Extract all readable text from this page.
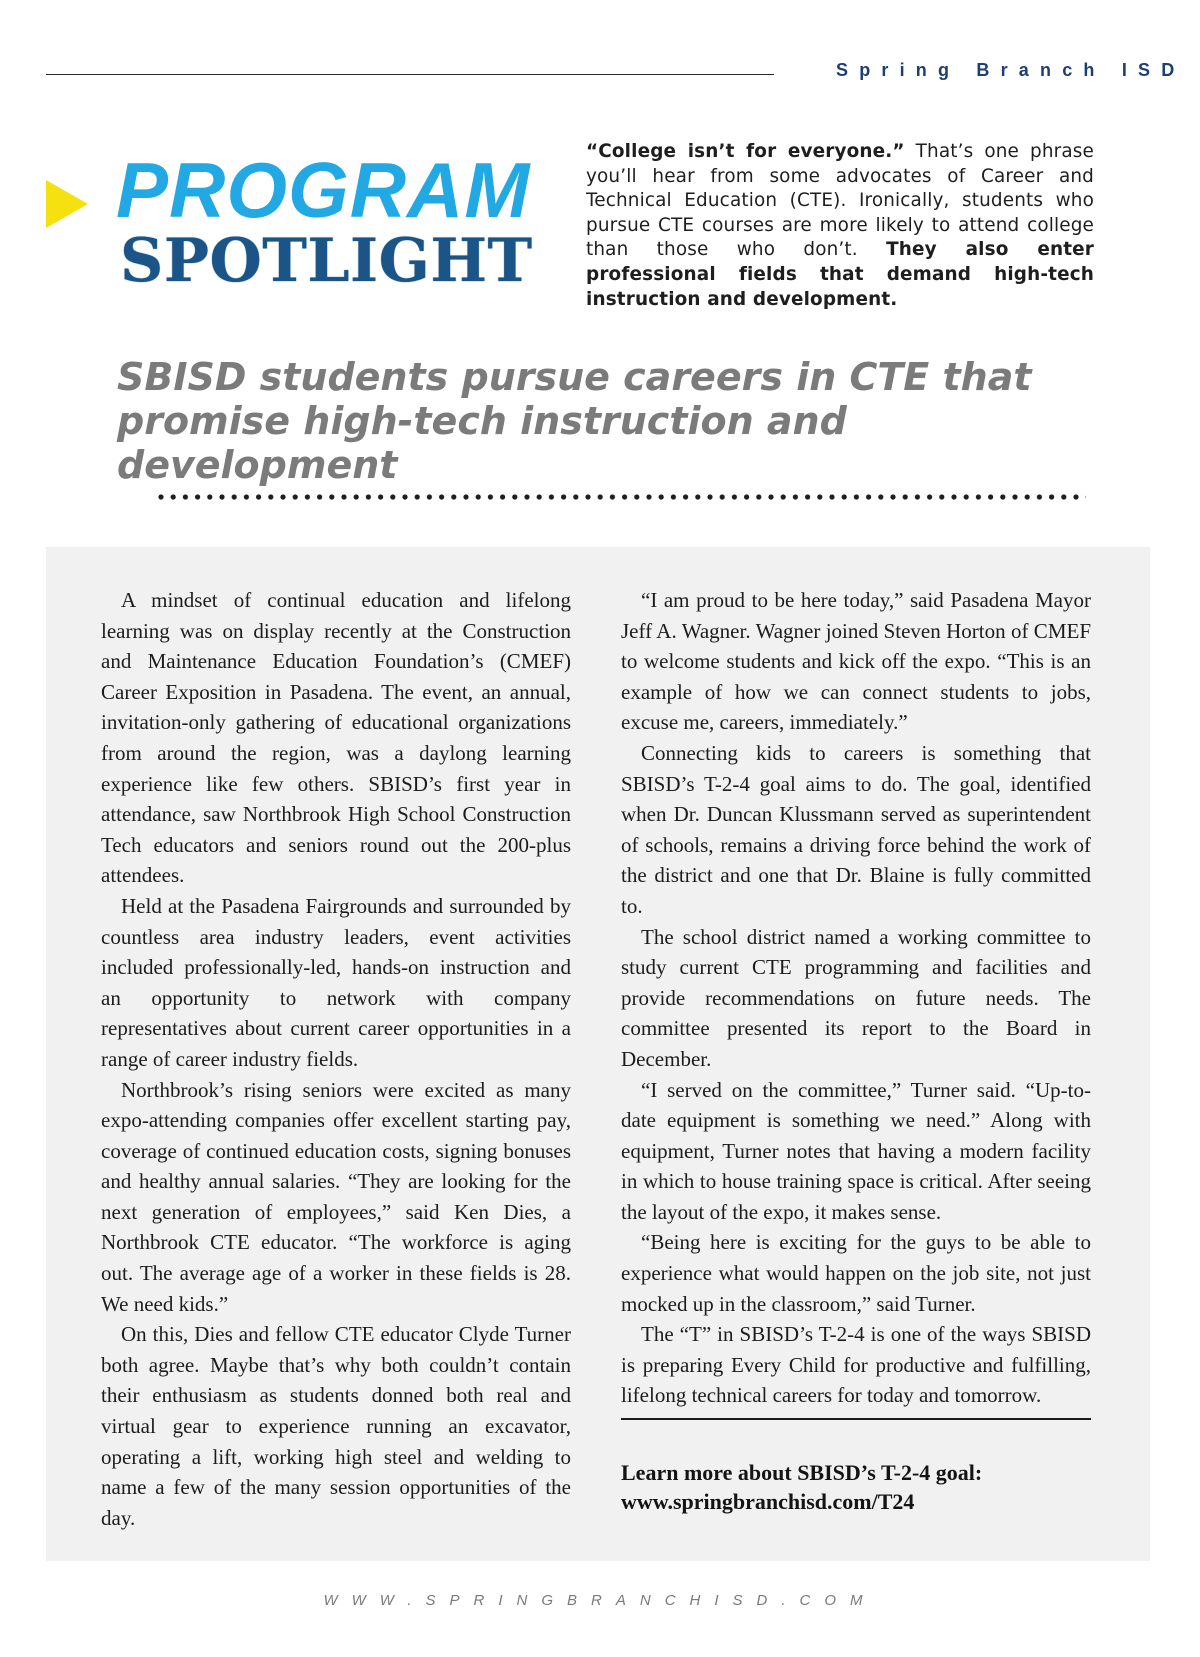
Spring Branch ISD
PROGRAM
SPOTLIGHT
“College isn’t for everyone.” That’s one phrase you’ll hear from some advocates of Career and Technical Education (CTE). Ironically, students who pursue CTE courses are more likely to attend college than those who don’t. They also enter professional fields that demand high-tech instruction and development.
SBISD students pursue careers in CTE that
promise high-tech instruction and development

A mindset of continual education and lifelong learning was on display recently at the Construction and Maintenance Education Foundation’s (CMEF) Career Exposition in Pasadena. The event, an annual, invitation-only gathering of educational organizations from around the region, was a daylong learning experience like few others. SBISD’s first year in attendance, saw Northbrook High School Construction Tech educators and seniors round out the 200-plus attendees.

Held at the Pasadena Fairgrounds and surrounded by countless area industry leaders, event activities included professionally-led, hands-on instruction and an opportunity to network with company representatives about current career opportunities in a range of career industry fields.

Northbrook’s rising seniors were excited as many expo-attending companies offer excellent starting pay, coverage of continued education costs, signing bonuses and healthy annual salaries. “They are looking for the next generation of employees,” said Ken Dies, a Northbrook CTE educator. “The workforce is aging out. The average age of a worker in these fields is 28. We need kids.”

On this, Dies and fellow CTE educator Clyde Turner both agree. Maybe that’s why both couldn’t contain their enthusiasm as students donned both real and virtual gear to experience running an excavator, operating a lift, working high steel and welding to name a few of the many session opportunities of the day.

“I am proud to be here today,” said Pasadena Mayor Jeff A. Wagner. Wagner joined Steven Horton of CMEF to welcome students and kick off the expo. “This is an example of how we can connect students to jobs, excuse me, careers, immediately.”

Connecting kids to careers is something that SBISD’s T-2-4 goal aims to do. The goal, identified when Dr. Duncan Klussmann served as superintendent of schools, remains a driving force behind the work of the district and one that Dr. Blaine is fully committed to.

The school district named a working committee to study current CTE programming and facilities and provide recommendations on future needs. The committee presented its report to the Board in December.

“I served on the committee,” Turner said. “Up-to-date equipment is something we need.” Along with equipment, Turner notes that having a modern facility in which to house training space is critical. After seeing the layout of the expo, it makes sense.

“Being here is exciting for the guys to be able to experience what would happen on the job site, not just mocked up in the classroom,” said Turner.

The “T” in SBISD’s T-2-4 is one of the ways SBISD is preparing Every Child for productive and fulfilling, lifelong technical careers for today and tomorrow.

Learn more about SBISD’s T-2-4 goal:
www.springbranchisd.com/T24
WWW.SPRINGBRANCHISD.COM
